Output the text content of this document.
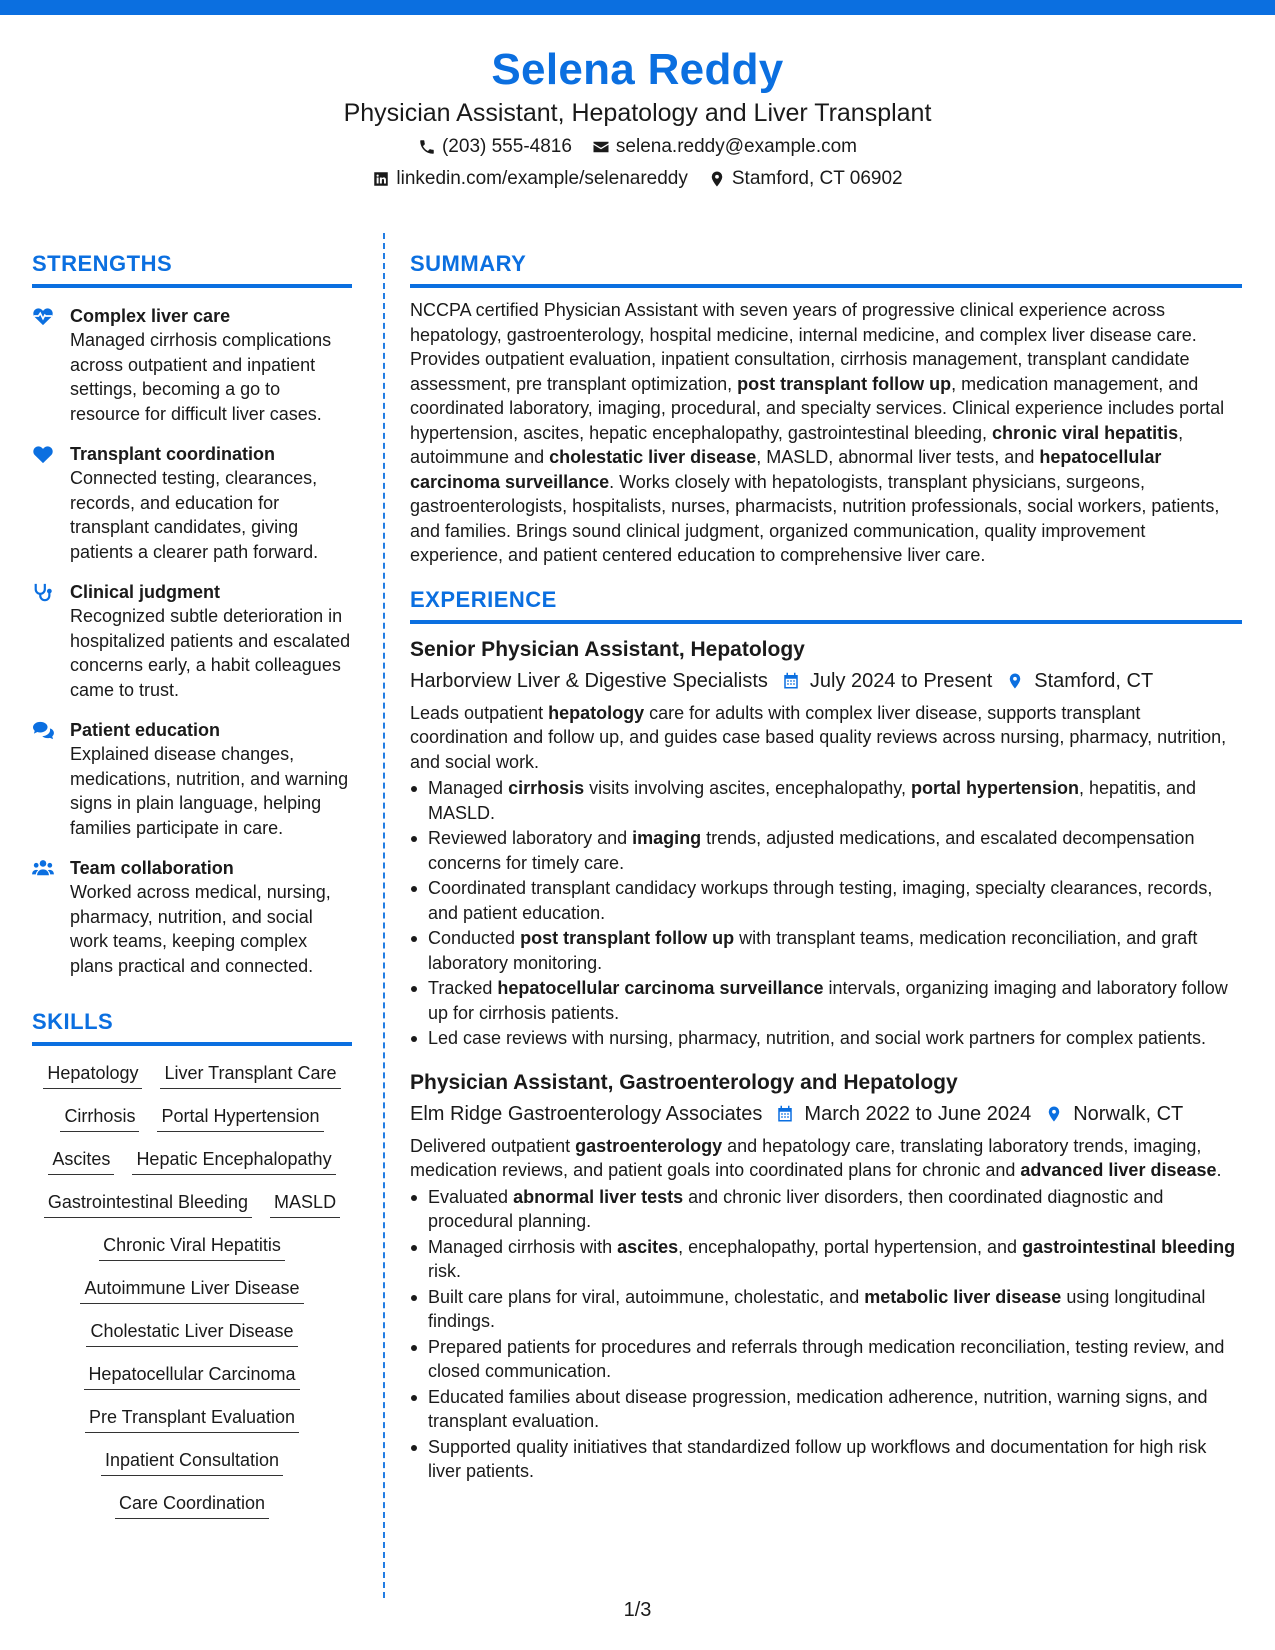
Selena Reddy
Physician Assistant, Hepatology and Liver Transplant
(203) 555-4816 selena.reddy@example.com
linkedin.com/example/selenareddy Stamford, CT 06902
STRENGTHS
Complex liver care
Managed cirrhosis complications across outpatient and inpatient settings, becoming a go to resource for difficult liver cases.
Transplant coordination
Connected testing, clearances, records, and education for transplant candidates, giving patients a clearer path forward.
Clinical judgment
Recognized subtle deterioration in hospitalized patients and escalated concerns early, a habit colleagues came to trust.
Patient education
Explained disease changes, medications, nutrition, and warning signs in plain language, helping families participate in care.
Team collaboration
Worked across medical, nursing, pharmacy, nutrition, and social work teams, keeping complex plans practical and connected.
SKILLS
Hepatology Liver Transplant Care
Cirrhosis Portal Hypertension
Ascites Hepatic Encephalopathy
Gastrointestinal Bleeding MASLD
Chronic Viral Hepatitis
Autoimmune Liver Disease
Cholestatic Liver Disease
Hepatocellular Carcinoma
Pre Transplant Evaluation
Inpatient Consultation
Care Coordination
SUMMARY

NCCPA certified Physician Assistant with seven years of progressive clinical experience across hepatology, gastroenterology, hospital medicine, internal medicine, and complex liver disease care. Provides outpatient evaluation, inpatient consultation, cirrhosis management, transplant candidate assessment, pre transplant optimization, post transplant follow up, medication management, and coordinated laboratory, imaging, procedural, and specialty services. Clinical experience includes portal hypertension, ascites, hepatic encephalopathy, gastrointestinal bleeding, chronic viral hepatitis, autoimmune and cholestatic liver disease, MASLD, abnormal liver tests, and hepatocellular carcinoma surveillance. Works closely with hepatologists, transplant physicians, surgeons, gastroenterologists, hospitalists, nurses, pharmacists, nutrition professionals, social workers, patients, and families. Brings sound clinical judgment, organized communication, quality improvement experience, and patient centered education to comprehensive liver care.

EXPERIENCE
Senior Physician Assistant, Hepatology
Harborview Liver & Digestive Specialists July 2024 to Present Stamford, CT
Leads outpatient hepatology care for adults with complex liver disease, supports transplant coordination and follow up, and guides case based quality reviews across nursing, pharmacy, nutrition, and social work.
Managed cirrhosis visits involving ascites, encephalopathy, portal hypertension, hepatitis, and MASLD.
Reviewed laboratory and imaging trends, adjusted medications, and escalated decompensation concerns for timely care.
Coordinated transplant candidacy workups through testing, imaging, specialty clearances, records, and patient education.
Conducted post transplant follow up with transplant teams, medication reconciliation, and graft laboratory monitoring.
Tracked hepatocellular carcinoma surveillance intervals, organizing imaging and laboratory follow up for cirrhosis patients.
Led case reviews with nursing, pharmacy, nutrition, and social work partners for complex patients.
Physician Assistant, Gastroenterology and Hepatology
Elm Ridge Gastroenterology Associates March 2022 to June 2024 Norwalk, CT
Delivered outpatient gastroenterology and hepatology care, translating laboratory trends, imaging, medication reviews, and patient goals into coordinated plans for chronic and advanced liver disease.
Evaluated abnormal liver tests and chronic liver disorders, then coordinated diagnostic and procedural planning.
Managed cirrhosis with ascites, encephalopathy, portal hypertension, and gastrointestinal bleeding risk.
Built care plans for viral, autoimmune, cholestatic, and metabolic liver disease using longitudinal findings.
Prepared patients for procedures and referrals through medication reconciliation, testing review, and closed communication.
Educated families about disease progression, medication adherence, nutrition, warning signs, and transplant evaluation.
Supported quality initiatives that standardized follow up workflows and documentation for high risk liver patients.
1/3
